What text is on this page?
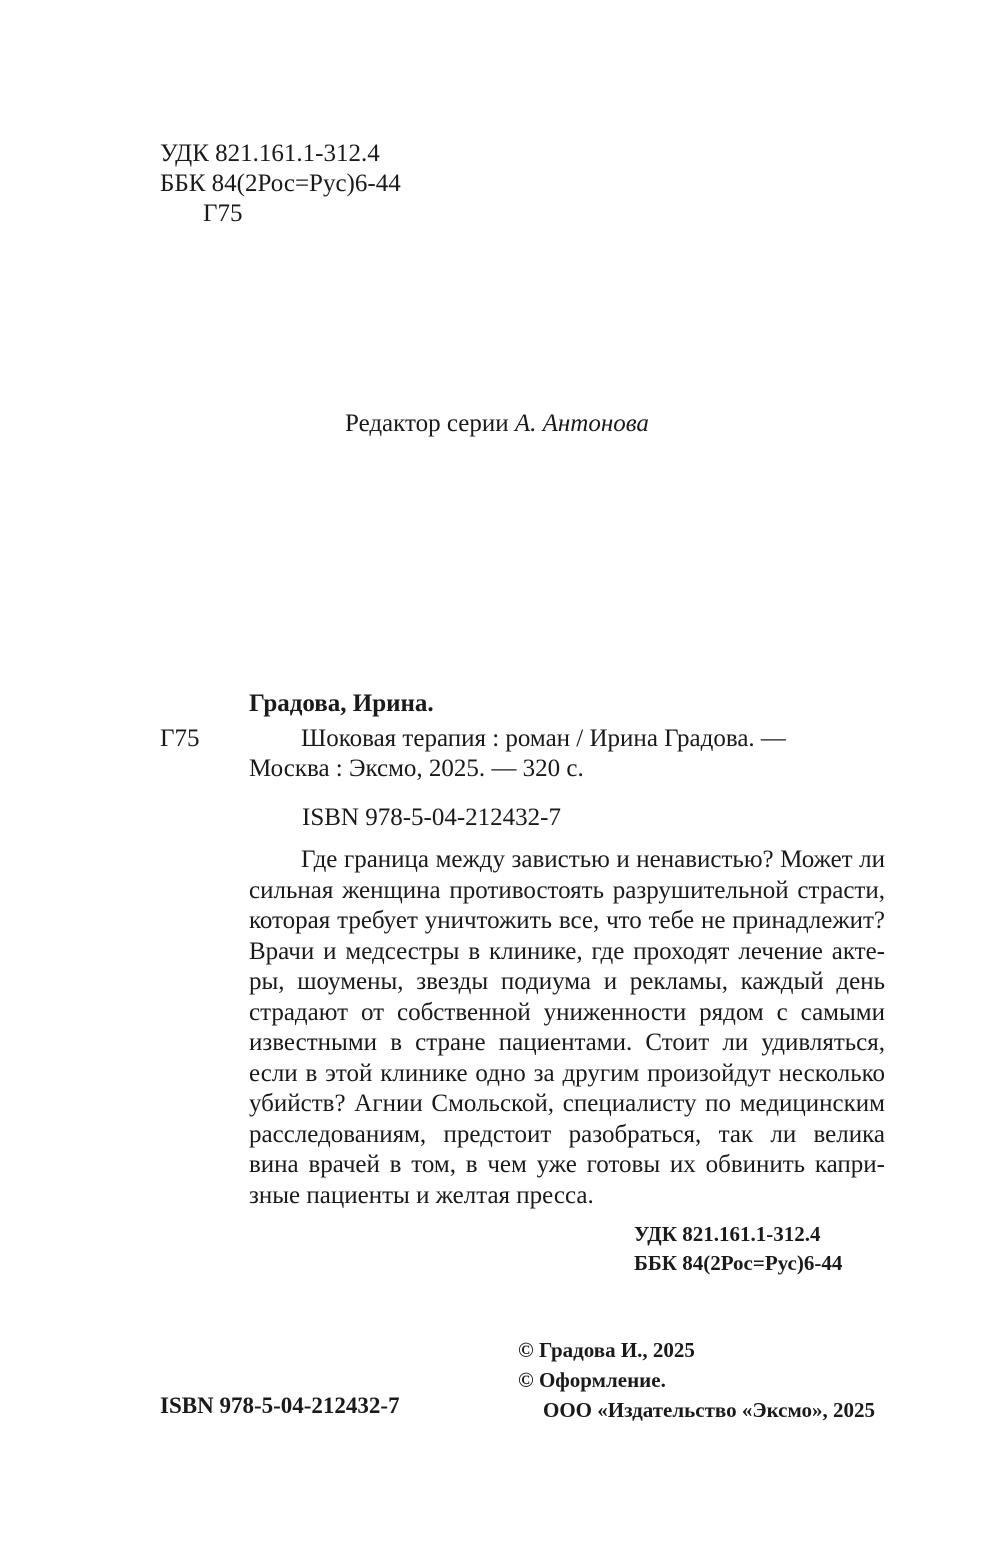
УДК 821.161.1-312.4
ББК 84(2Рос=Рус)6-44
Г75
Редактор серии А. Антонова
Градова, Ирина.
Г75	Шоковая терапия : роман / Ирина Градова. —
Москва : Эксмо, 2025. — 320 с.
ISBN 978-5-04-212432-7
Где граница между завистью и ненавистью? Может ли
сильная женщина противостоять разрушительной страсти,
которая требует уничтожить все, что тебе не принадлежит?
Врачи и медсестры в клинике, где проходят лечение акте-
ры, шоумены, звезды подиума и рекламы, каждый день
страдают от собственной униженности рядом с самыми
известными в стране пациентами. Стоит ли удивляться,
если в этой клинике одно за другим произойдут несколько
убийств? Агнии Смольской, специалисту по медицинским
расследованиям, предстоит разобраться, так ли велика
вина врачей в том, в чем уже готовы их обвинить капри-
зные пациенты и желтая пресса.
УДК 821.161.1-312.4
ББК 84(2Рос=Рус)6-44
© Градова И., 2025
© Оформление.
ООО «Издательство «Эксмо», 2025
ISBN 978-5-04-212432-7
